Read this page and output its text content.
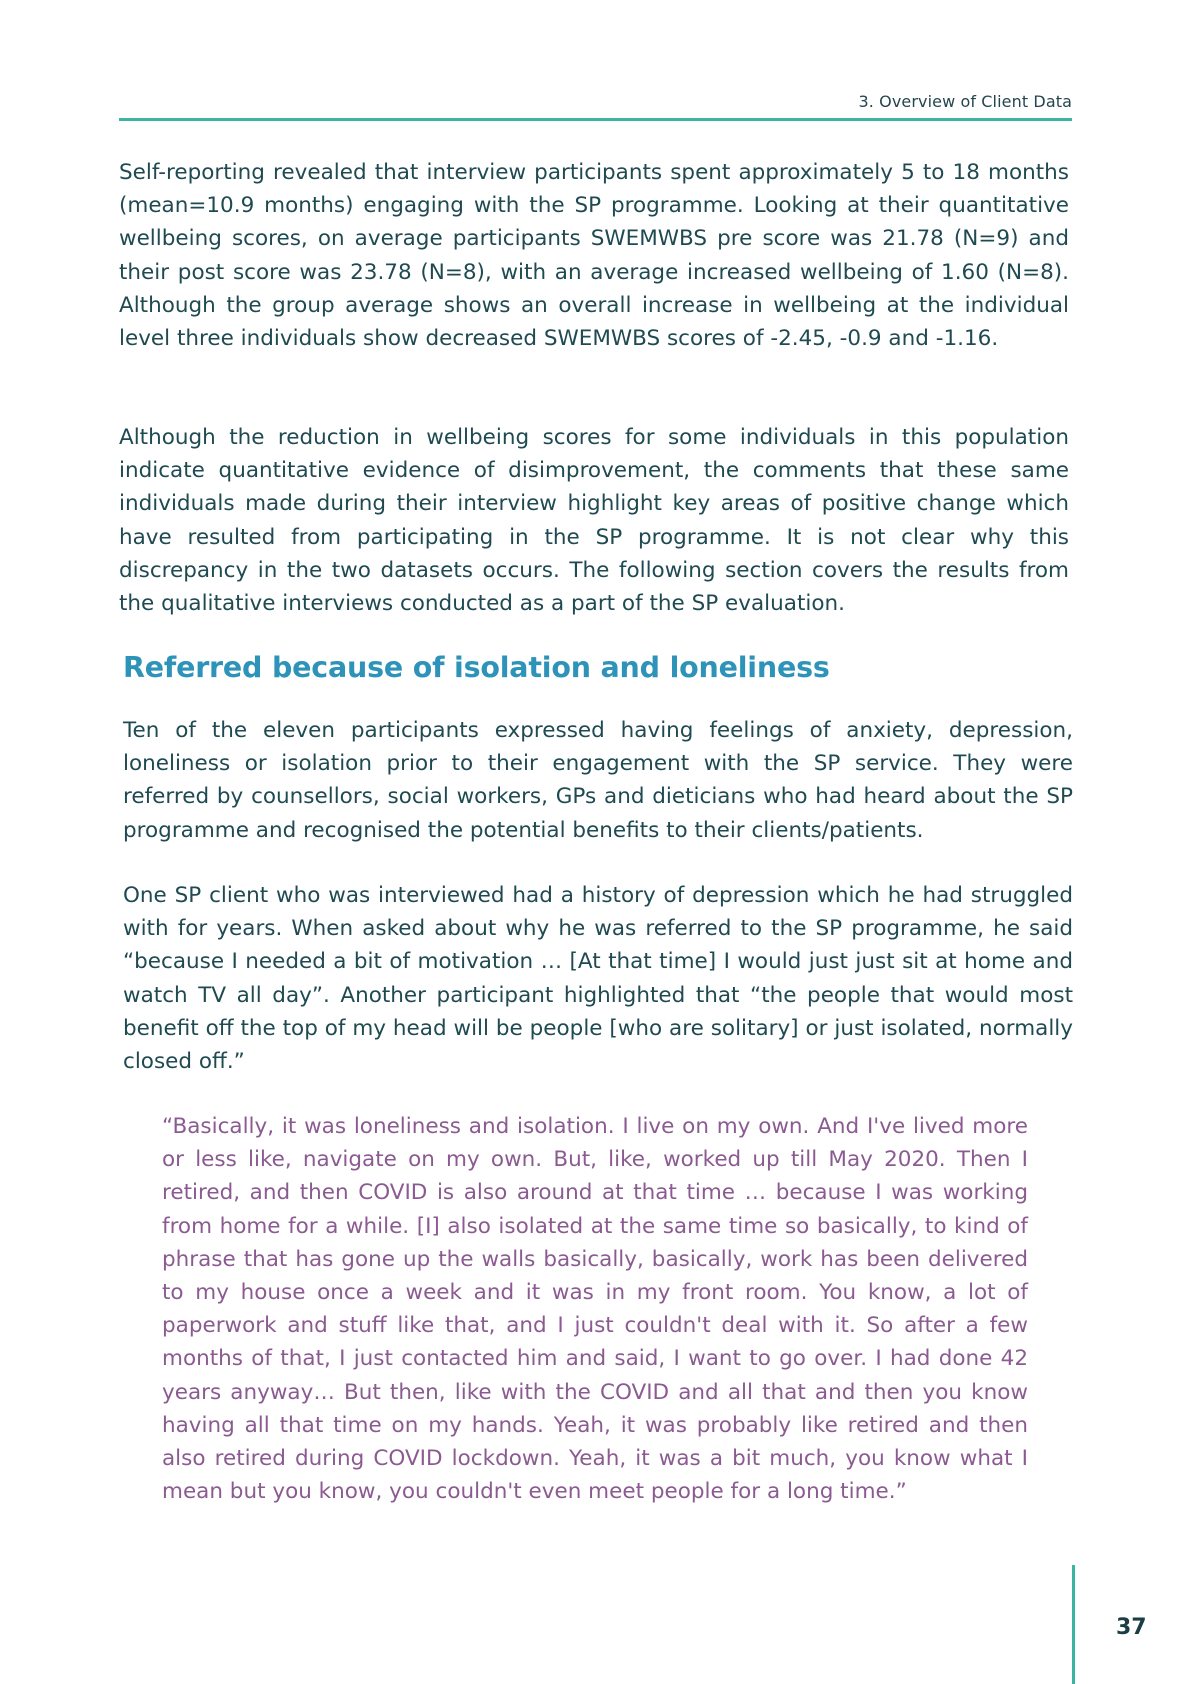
3. Overview of Client Data

Self-reporting revealed that interview participants spent approximately 5 to 18 months (mean=10.9 months) engaging with the SP programme. Looking at their quantitative wellbeing scores, on average participants SWEMWBS pre score was 21.78 (N=9) and their post score was 23.78 (N=8), with an average increased wellbeing of 1.60 (N=8). Although the group average shows an overall increase in wellbeing at the individual level three individuals show decreased SWEMWBS scores of -2.45, -0.9 and -1.16.

Although the reduction in wellbeing scores for some individuals in this population indicate quantitative evidence of disimprovement, the comments that these same individuals made during their interview highlight key areas of positive change which have resulted from participating in the SP programme. It is not clear why this discrepancy in the two datasets occurs. The following section covers the results from the qualitative interviews conducted as a part of the SP evaluation.

Referred because of isolation and loneliness

Ten of the eleven participants expressed having feelings of anxiety, depression, loneliness or isolation prior to their engagement with the SP service. They were referred by counsellors, social workers, GPs and dieticians who had heard about the SP programme and recognised the potential benefits to their clients/patients.

One SP client who was interviewed had a history of depression which he had struggled with for years. When asked about why he was referred to the SP programme, he said “because I needed a bit of motivation … [At that time] I would just just sit at home and watch TV all day”. Another participant highlighted that “the people that would most benefit off the top of my head will be people [who are solitary] or just isolated, normally closed off.”

“Basically, it was loneliness and isolation. I live on my own. And I've lived more or less like, navigate on my own. But, like, worked up till May 2020. Then I retired, and then COVID is also around at that time … because I was working from home for a while. [I] also isolated at the same time so basically, to kind of phrase that has gone up the walls basically, basically, work has been delivered to my house once a week and it was in my front room. You know, a lot of paperwork and stuff like that, and I just couldn't deal with it. So after a few months of that, I just contacted him and said, I want to go over. I had done 42 years anyway… But then, like with the COVID and all that and then you know having all that time on my hands. Yeah, it was probably like retired and then also retired during COVID lockdown. Yeah, it was a bit much, you know what I mean but you know, you couldn't even meet people for a long time.”
37
